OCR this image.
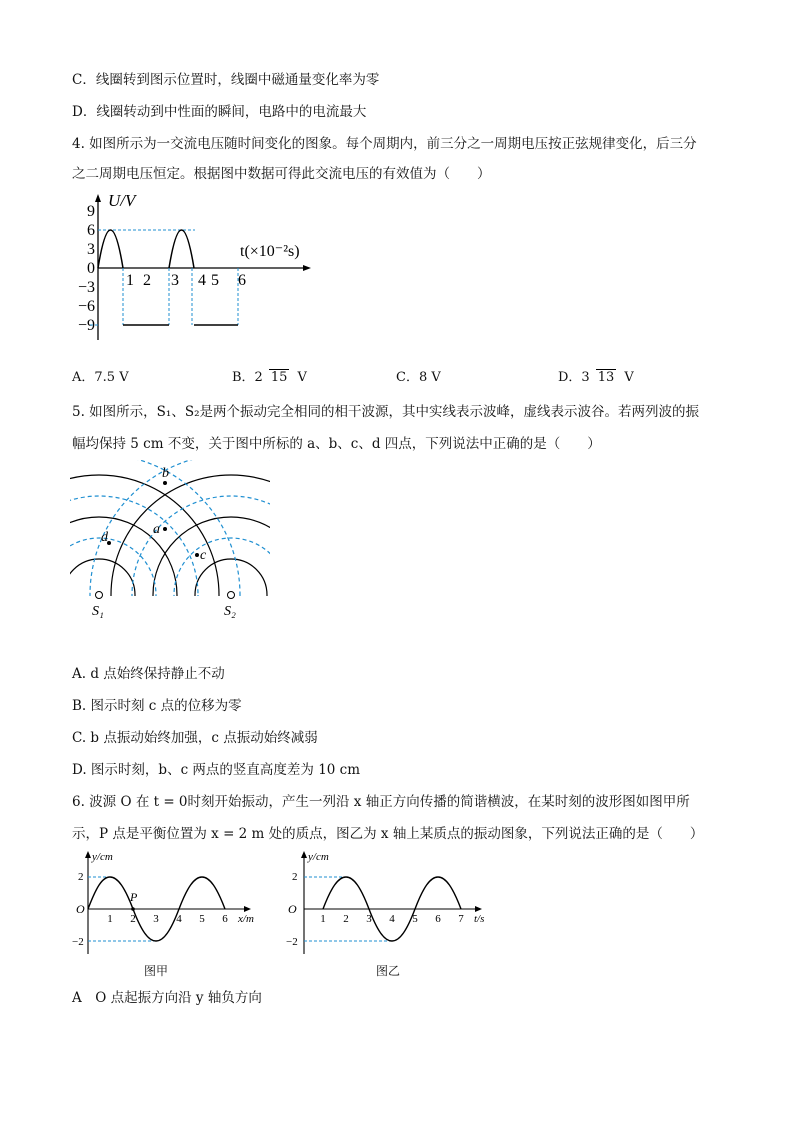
C．线圈转到图示位置时，线圈中磁通量变化率为零
D．线圈转动到中性面的瞬间，电路中的电流最大
4. 如图所示为一交流电压随时间变化的图象。每个周期内，前三分之一周期电压按正弦规律变化，后三分
之二周期电压恒定。根据图中数据可得此交流电压的有效值为（　　）
U/V
t(×10⁻²s)
9
6
3
0
−3
−6
−9
1 2 3 4 5 6
A．7.5 V	B．2 15 V	C．8 V	D．3 13 V
5. 如图所示，S₁、S₂是两个振动完全相同的相干波源，其中实线表示波峰，虚线表示波谷。若两列波的振
幅均保持 5 cm 不变，关于图中所标的 a、b、c、d 四点，下列说法中正确的是（　　）
b
a
d
c
S₁	S₂
A. d 点始终保持静止不动
B. 图示时刻 c 点的位移为零
C. b 点振动始终加强，c 点振动始终减弱
D. 图示时刻，b、c 两点的竖直高度差为 10 cm
6. 波源 O 在 t = 0时刻开始振动，产生一列沿 x 轴正方向传播的简谐横波，在某时刻的波形图如图甲所
示，P 点是平衡位置为 x = 2 m 处的质点，图乙为 x 轴上某质点的振动图象，下列说法正确的是（　　）
y/cm
x/m
O
2
−2
1 2 3 4 5 6
P
图甲
y/cm
t/s
O
2
−2
1 2 3 4 5 6 7
图乙
A　O 点起振方向沿 y 轴负方向
